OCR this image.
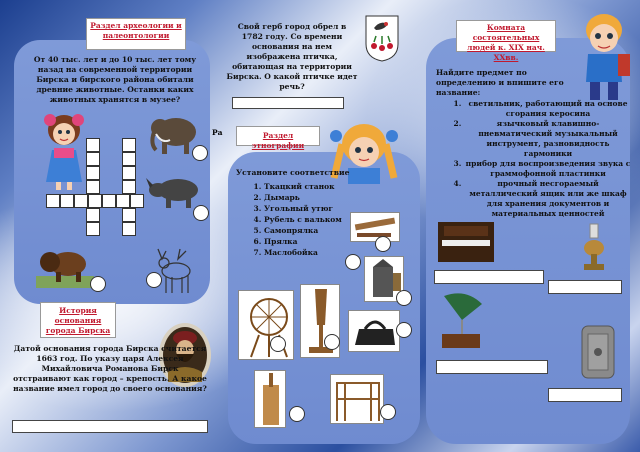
Раздел археологии и палеонтологии
От 40 тыс. лет и до 10 тыс. лет тому назад на современной территории Бирска и бирского района обитали древние животные. Останки каких животных хранятся в музее?
История основания города Бирска
Датой основания города Бирска считается 1663 год. По указу царя Алексея Михайловича Романова Бирск отстраивают как город – крепость. А какое название имел город до своего основания?
Свой герб город обрел в 1782 году. Со времени основания на нем изображена птичка, обитающая на территории Бирска. О какой птичке идет речь?
Ра	Раздел этнографии
Установите соответствие
1. Ткацкий станок
2. Дымарь
3. Угольный утюг
4. Рубель с вальком
5. Самопрялка
6. Прялка
7. Маслобойка
Комната состоятельных людей к. XIX нач. XXвв.
Найдите предмет по определению и впишите его название:
1. светильник, работающий на основе сгорания керосина
2. язычковый клавишно-пневматический музыкальный инструмент, разновидность гармоники
3. прибор для воспроизведения звука с граммофонной пластинки
4. прочный несгораемый металлический ящик или же шкаф для хранения документов и материальных ценностей
